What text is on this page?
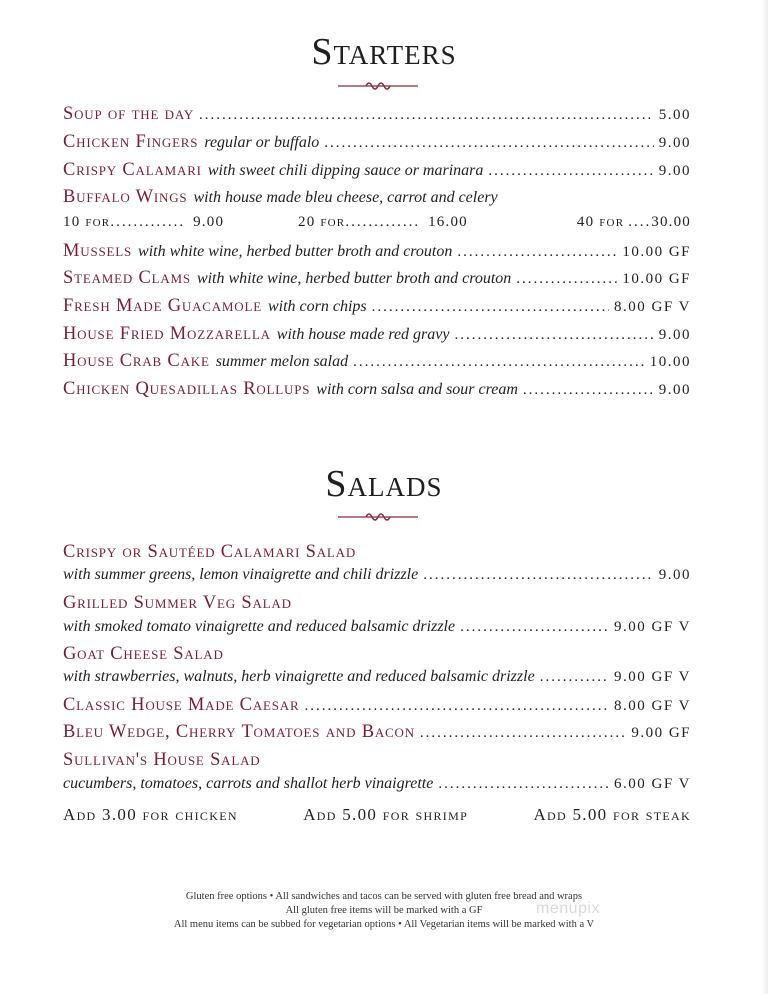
Starters
Soup of the day .....	5.00
Chicken Fingers regular or buffalo .....	9.00
Crispy Calamari with sweet chili dipping sauce or marinara .....	9.00
Buffalo Wings with house made bleu cheese, carrot and celery
10 for ............. 9.00	20 for ............. 16.00	40 for .... 30.00
Mussels with white wine, herbed butter broth and crouton .....	10.00 GF
Steamed Clams with white wine, herbed butter broth and crouton .....	10.00 GF
Fresh Made Guacamole with corn chips .....	8.00 GF V
House Fried Mozzarella with house made red gravy .....	9.00
House Crab Cake summer melon salad .....	10.00
Chicken Quesadillas Rollups with corn salsa and sour cream .....	9.00
Salads
Crispy or Sautéed Calamari Salad
with summer greens, lemon vinaigrette and chili drizzle .....	9.00
Grilled Summer Veg Salad
with smoked tomato vinaigrette and reduced balsamic drizzle .....	9.00 GF V
Goat Cheese Salad
with strawberries, walnuts, herb vinaigrette and reduced balsamic drizzle .....	9.00 GF V
Classic House Made Caesar .....	8.00 GF V
Bleu Wedge, Cherry Tomatoes and Bacon .....	9.00 GF
Sullivan's House Salad
cucumbers, tomatoes, carrots and shallot herb vinaigrette .....	6.00 GF V
Add 3.00 for chicken	Add 5.00 for shrimp	Add 5.00 for steak
Gluten free options • All sandwiches and tacos can be served with gluten free bread and wraps
All gluten free items will be marked with a GF
All menu items can be subbed for vegetarian options • All Vegetarian items will be marked with a V
menupix
